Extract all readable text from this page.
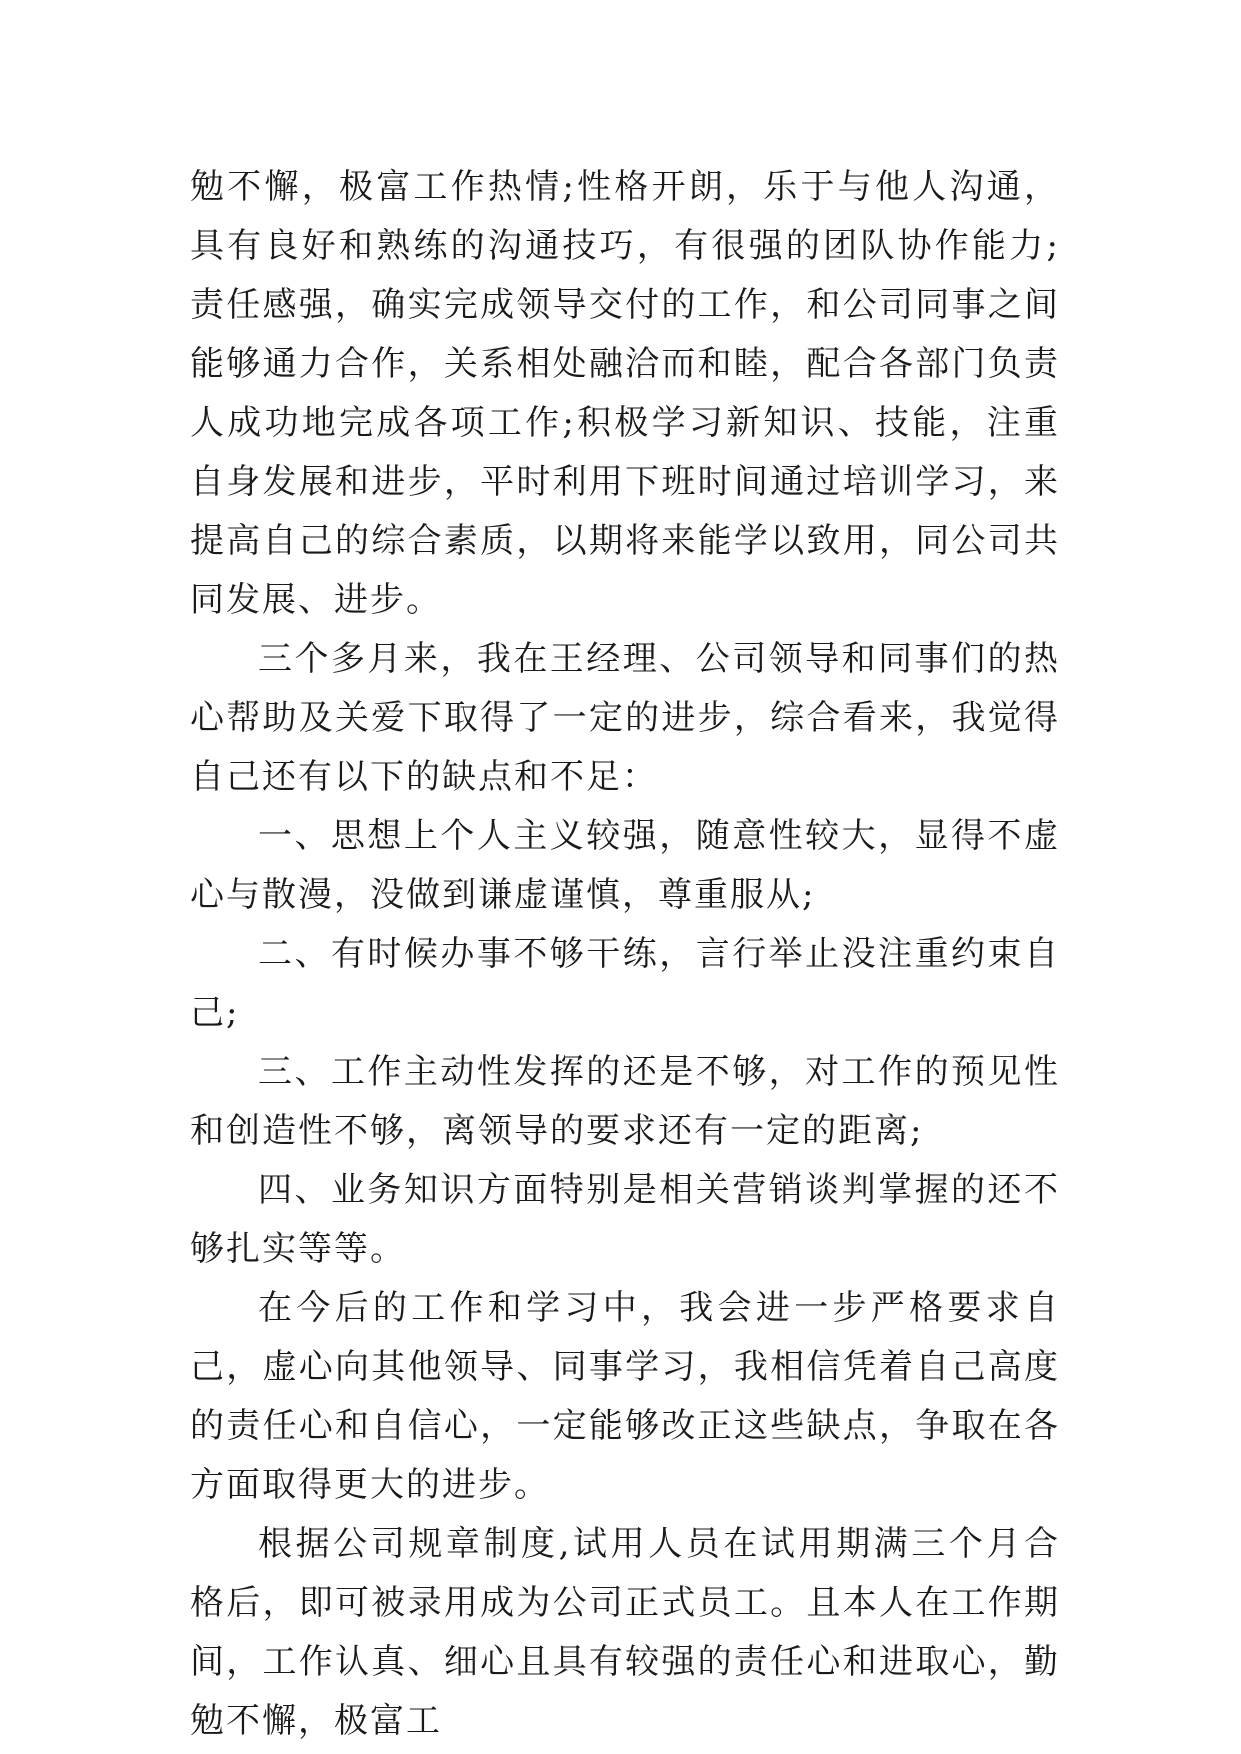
勉不懈，极富工作热情;性格开朗，乐于与他人沟通，具有良好和熟练的沟通技巧，有很强的团队协作能力;责任感强，确实完成领导交付的工作，和公司同事之间能够通力合作，关系相处融洽而和睦，配合各部门负责人成功地完成各项工作;积极学习新知识、技能，注重自身发展和进步，平时利用下班时间通过培训学习，来提高自己的综合素质，以期将来能学以致用，同公司共同发展、进步。

三个多月来，我在王经理、公司领导和同事们的热心帮助及关爱下取得了一定的进步，综合看来，我觉得自己还有以下的缺点和不足：

一、思想上个人主义较强，随意性较大，显得不虚心与散漫，没做到谦虚谨慎，尊重服从;

二、有时候办事不够干练，言行举止没注重约束自己;

三、工作主动性发挥的还是不够，对工作的预见性和创造性不够，离领导的要求还有一定的距离;

四、业务知识方面特别是相关营销谈判掌握的还不够扎实等等。

在今后的工作和学习中，我会进一步严格要求自己，虚心向其他领导、同事学习，我相信凭着自己高度的责任心和自信心，一定能够改正这些缺点，争取在各方面取得更大的进步。

根据公司规章制度,试用人员在试用期满三个月合格后，即可被录用成为公司正式员工。且本人在工作期间，工作认真、细心且具有较强的责任心和进取心，勤勉不懈，极富工
